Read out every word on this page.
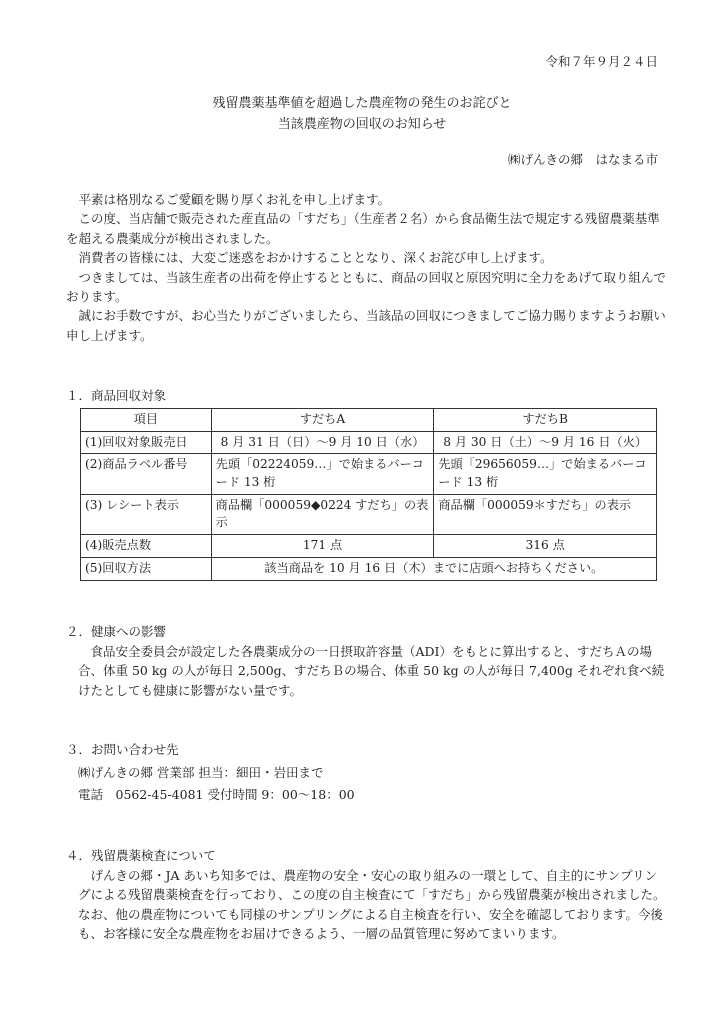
令和７年９月２４日
残留農薬基準値を超過した農産物の発生のお詫びと
当該農産物の回収のお知らせ
㈱げんきの郷　はなまる市

平素は格別なるご愛顧を賜り厚くお礼を申し上げます。

この度、当店舗で販売された産直品の「すだち」（生産者２名）から食品衛生法で規定する残留農薬基準を超える農薬成分が検出されました。

消費者の皆様には、大変ご迷惑をおかけすることとなり、深くお詫び申し上げます。

つきましては、当該生産者の出荷を停止するとともに、商品の回収と原因究明に全力をあげて取り組んでおります。

誠にお手数ですが、お心当たりがございましたら、当該品の回収につきましてご協力賜りますようお願い申し上げます。

１．商品回収対象
項目	すだちA	すだちB
(1)回収対象販売日	8 月 31 日（日）〜9 月 10 日（水）	8 月 30 日（土）〜9 月 16 日（火）
(2)商品ラベル番号	先頭「02224059…」で始まるバーコード 13 桁	先頭「29656059…」で始まるバーコード 13 桁
(3) レシート表示	商品欄「000059◆0224 すだち」の表示	商品欄「000059＊すだち」の表示
(4)販売点数	171 点	316 点
(5)回収方法	該当商品を 10 月 16 日（木）までに店頭へお持ちください。	
２．健康への影響

食品安全委員会が設定した各農薬成分の一日摂取許容量（ADI）をもとに算出すると、すだちＡの場合、体重 50 kg の人が毎日 2,500g、すだちＢの場合、体重 50 kg の人が毎日 7,400g それぞれ食べ続けたとしても健康に影響がない量です。

３．お問い合わせ先
㈱げんきの郷 営業部 担当：細田・岩田まで
電話　0562-45-4081 受付時間 9：00〜18：00
４．残留農薬検査について

げんきの郷・JA あいち知多では、農産物の安全・安心の取り組みの一環として、自主的にサンプリングによる残留農薬検査を行っており、この度の自主検査にて「すだち」から残留農薬が検出されました。なお、他の農産物についても同様のサンプリングによる自主検査を行い、安全を確認しております。今後も、お客様に安全な農産物をお届けできるよう、一層の品質管理に努めてまいります。
